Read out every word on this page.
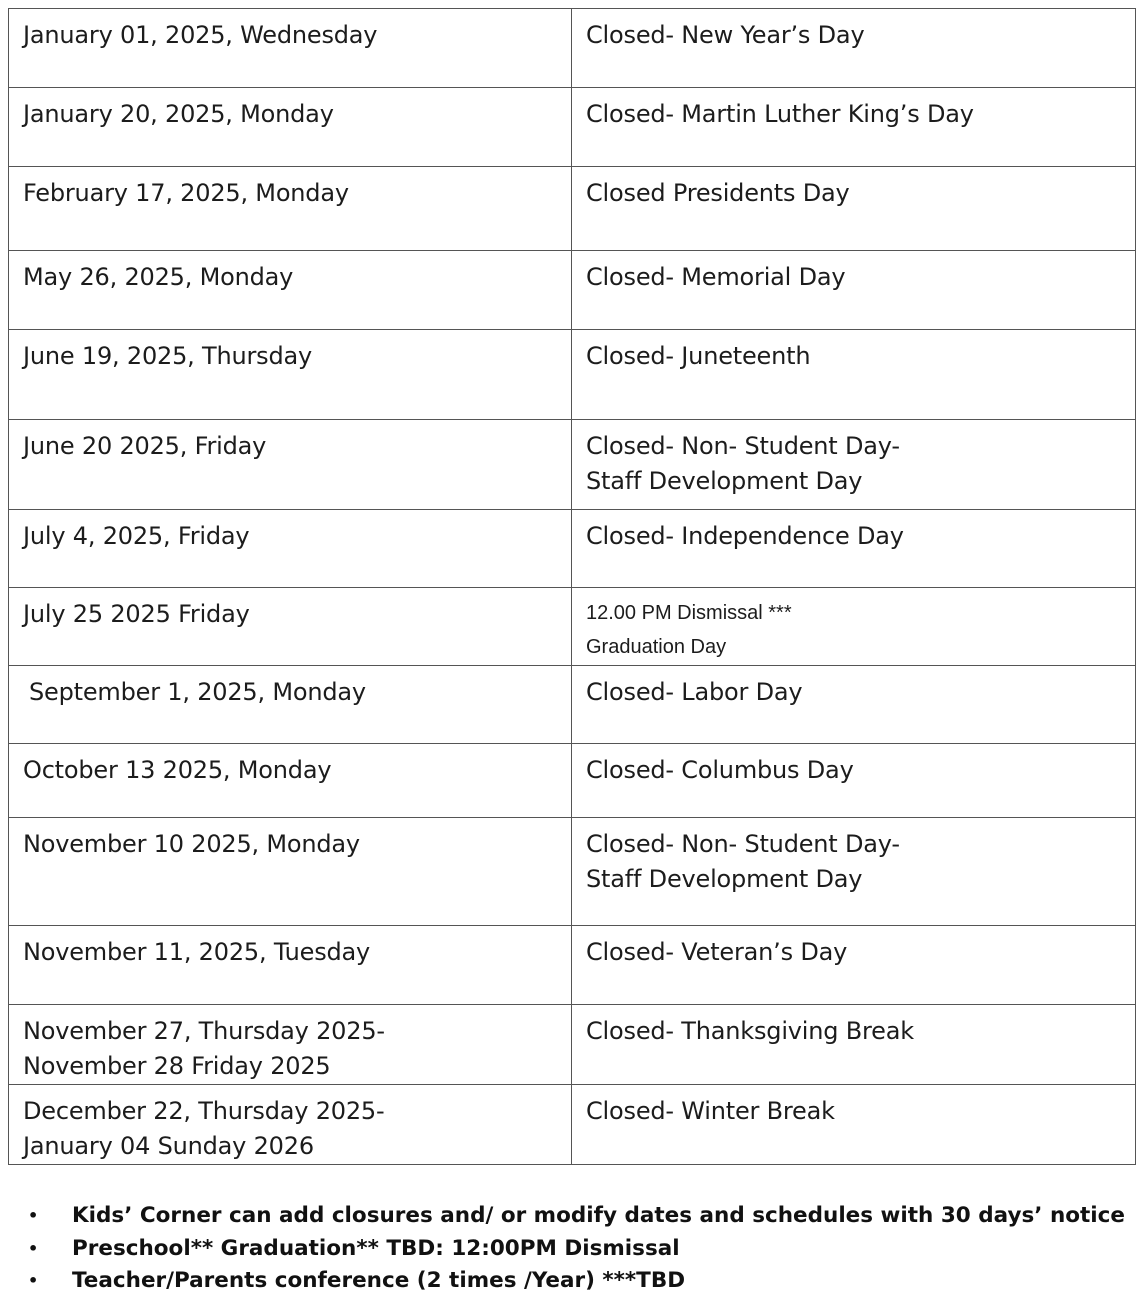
January 01, 2025, Wednesday	Closed- New Year’s Day

January 20, 2025, Monday	Closed- Martin Luther King’s Day

February 17, 2025, Monday	Closed Presidents Day

May 26, 2025, Monday	Closed- Memorial Day

June 19, 2025, Thursday	Closed- Juneteenth

June 20 2025, Friday	Closed- Non- Student Day-
Staff Development Day

July 4, 2025, Friday	Closed- Independence Day

July 25 2025 Friday	12.00 PM Dismissal ***
Graduation Day

September 1, 2025, Monday	Closed- Labor Day

October 13 2025, Monday	Closed- Columbus Day

November 10 2025, Monday	Closed- Non- Student Day-
Staff Development Day

November 11, 2025, Tuesday	Closed- Veteran’s Day

November 27, Thursday 2025-
November 28 Friday 2025	Closed- Thanksgiving Break

December 22, Thursday 2025-
January 04 Sunday 2026	Closed- Winter Break
• Kids’ Corner can add closures and/ or modify dates and schedules with 30 days’ notice
• Preschool** Graduation** TBD: 12:00PM Dismissal
• Teacher/Parents conference (2 times /Year) ***TBD
